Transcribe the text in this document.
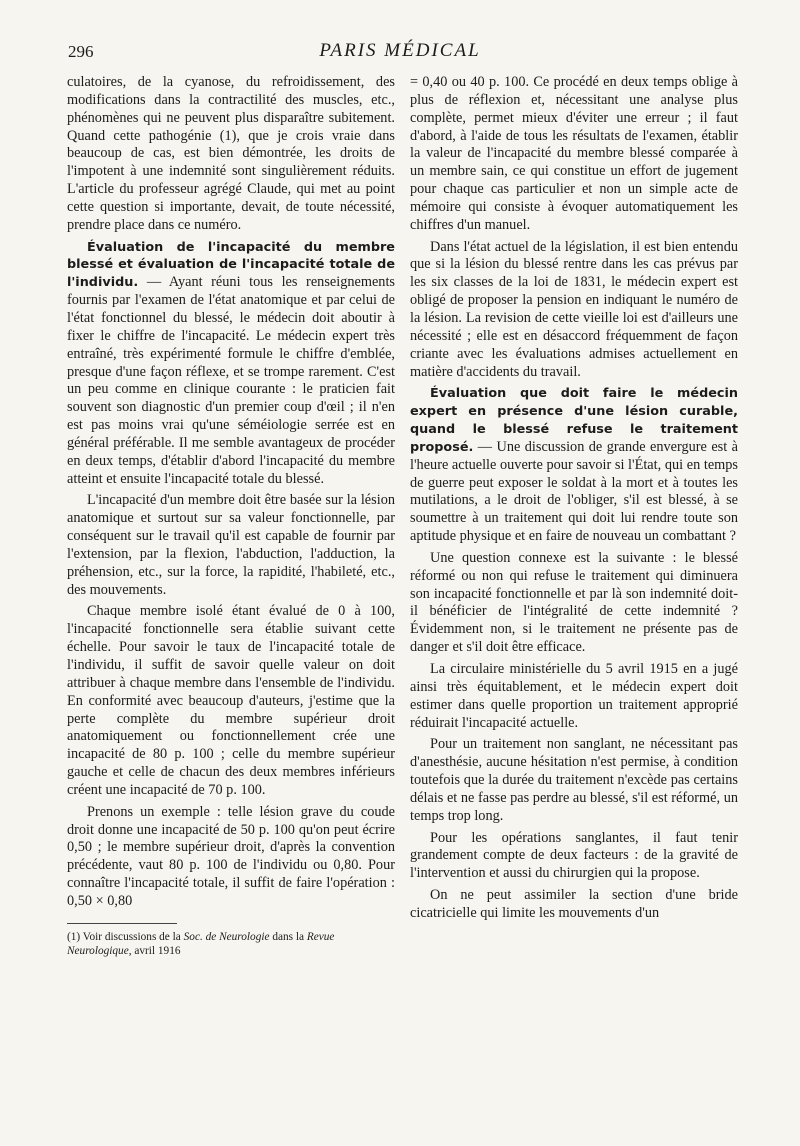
296	PARIS MÉDICAL

culatoires, de la cyanose, du refroidissement, des modifications dans la contractilité des muscles, etc., phénomènes qui ne peuvent plus disparaître subitement. Quand cette pathogénie (1), que je crois vraie dans beaucoup de cas, est bien démontrée, les droits de l'impotent à une indemnité sont singulièrement réduits. L'article du professeur agrégé Claude, qui met au point cette question si importante, devait, de toute nécessité, prendre place dans ce numéro.

Évaluation de l'incapacité du membre blessé et évaluation de l'incapacité totale de l'individu. — Ayant réuni tous les renseignements fournis par l'examen de l'état anatomique et par celui de l'état fonctionnel du blessé, le médecin doit aboutir à fixer le chiffre de l'incapacité. Le médecin expert très entraîné, très expérimenté formule le chiffre d'emblée, presque d'une façon réflexe, et se trompe rarement. C'est un peu comme en clinique courante : le praticien fait souvent son diagnostic d'un premier coup d'œil ; il n'en est pas moins vrai qu'une séméiologie serrée est en général préférable. Il me semble avantageux de procéder en deux temps, d'établir d'abord l'incapacité du membre atteint et ensuite l'incapacité totale du blessé.

L'incapacité d'un membre doit être basée sur la lésion anatomique et surtout sur sa valeur fonctionnelle, par conséquent sur le travail qu'il est capable de fournir par l'extension, par la flexion, l'abduction, l'adduction, la préhension, etc., sur la force, la rapidité, l'habileté, etc., des mouvements.

Chaque membre isolé étant évalué de 0 à 100, l'incapacité fonctionnelle sera établie suivant cette échelle. Pour savoir le taux de l'incapacité totale de l'individu, il suffit de savoir quelle valeur on doit attribuer à chaque membre dans l'ensemble de l'individu. En conformité avec beaucoup d'auteurs, j'estime que la perte complète du membre supérieur droit anatomiquement ou fonctionnellement crée une incapacité de 80 p. 100 ; celle du membre supérieur gauche et celle de chacun des deux membres inférieurs créent une incapacité de 70 p. 100.

Prenons un exemple : telle lésion grave du coude droit donne une incapacité de 50 p. 100 qu'on peut écrire 0,50 ; le membre supérieur droit, d'après la convention précédente, vaut 80 p. 100 de l'individu ou 0,80. Pour connaître l'incapacité totale, il suffit de faire l'opération : 0,50 × 0,80

(1) Voir discussions de la Soc. de Neurologie dans la Revue Neurologique, avril 1916

= 0,40 ou 40 p. 100. Ce procédé en deux temps oblige à plus de réflexion et, nécessitant une analyse plus complète, permet mieux d'éviter une erreur ; il faut d'abord, à l'aide de tous les résultats de l'examen, établir la valeur de l'incapacité du membre blessé comparée à un membre sain, ce qui constitue un effort de jugement pour chaque cas particulier et non un simple acte de mémoire qui consiste à évoquer automatiquement les chiffres d'un manuel.

Dans l'état actuel de la législation, il est bien entendu que si la lésion du blessé rentre dans les cas prévus par les six classes de la loi de 1831, le médecin expert est obligé de proposer la pension en indiquant le numéro de la lésion. La revision de cette vieille loi est d'ailleurs une nécessité ; elle est en désaccord fréquemment de façon criante avec les évaluations admises actuellement en matière d'accidents du travail.

Évaluation que doit faire le médecin expert en présence d'une lésion curable, quand le blessé refuse le traitement proposé. — Une discussion de grande envergure est à l'heure actuelle ouverte pour savoir si l'État, qui en temps de guerre peut exposer le soldat à la mort et à toutes les mutilations, a le droit de l'obliger, s'il est blessé, à se soumettre à un traitement qui doit lui rendre toute son aptitude physique et en faire de nouveau un combattant ?

Une question connexe est la suivante : le blessé réformé ou non qui refuse le traitement qui diminuera son incapacité fonctionnelle et par là son indemnité doit-il bénéficier de l'intégralité de cette indemnité ? Évidemment non, si le traitement ne présente pas de danger et s'il doit être efficace.

La circulaire ministérielle du 5 avril 1915 en a jugé ainsi très équitablement, et le médecin expert doit estimer dans quelle proportion un traitement approprié réduirait l'incapacité actuelle.

Pour un traitement non sanglant, ne nécessitant pas d'anesthésie, aucune hésitation n'est permise, à condition toutefois que la durée du traitement n'excède pas certains délais et ne fasse pas perdre au blessé, s'il est réformé, un temps trop long.

Pour les opérations sanglantes, il faut tenir grandement compte de deux facteurs : de la gravité de l'intervention et aussi du chirurgien qui la propose.

On ne peut assimiler la section d'une bride cicatricielle qui limite les mouvements d'un
